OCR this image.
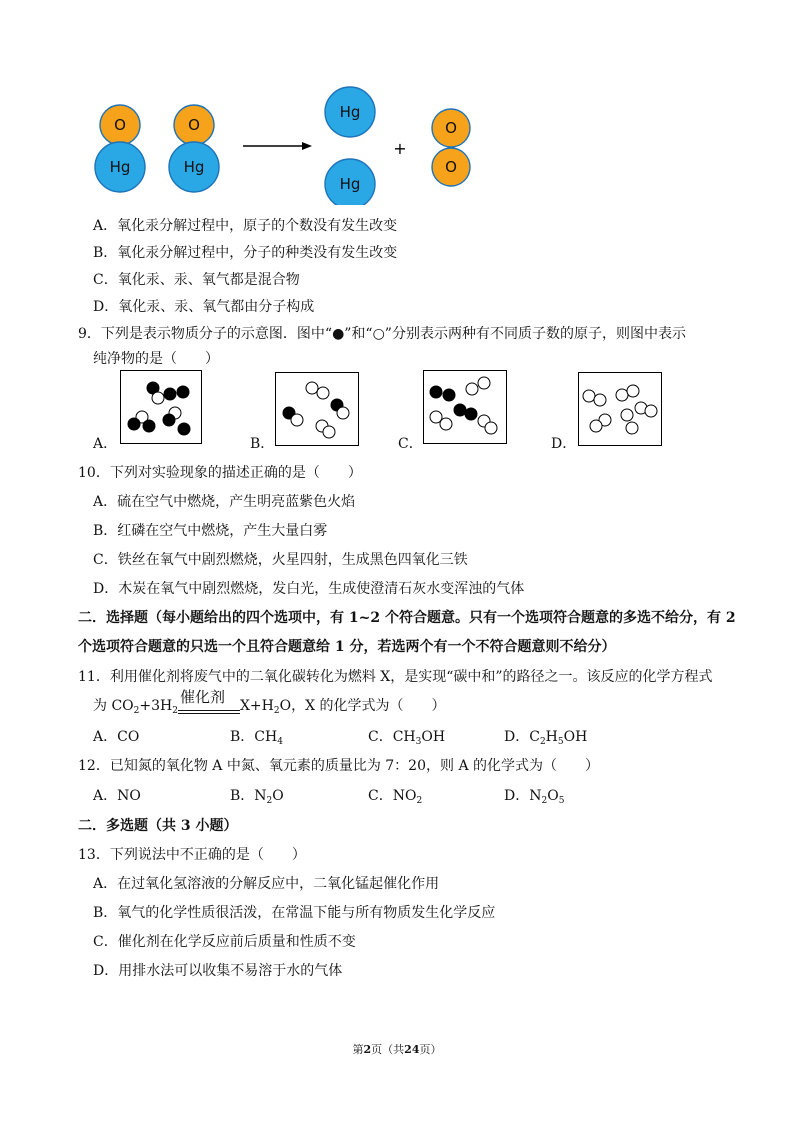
O
Hg
O
Hg
Hg
Hg
+
O
O
A．氧化汞分解过程中，原子的个数没有发生改变
B．氧化汞分解过程中，分子的种类没有发生改变
C．氧化汞、汞、氧气都是混合物
D．氧化汞、汞、氧气都由分子构成
9．下列是表示物质分子的示意图．图中“●”和“○”分别表示两种有不同质子数的原子，则图中表示
纯净物的是（　　）
A．	B．	C．	D．
10．下列对实验现象的描述正确的是（　　）
A．硫在空气中燃烧，产生明亮蓝紫色火焰
B．红磷在空气中燃烧，产生大量白雾
C．铁丝在氧气中剧烈燃烧，火星四射，生成黑色四氧化三铁
D．木炭在氧气中剧烈燃烧，发白光，生成使澄清石灰水变浑浊的气体
二．选择题（每小题给出的四个选项中，有 1~2 个符合题意。只有一个选项符合题意的多选不给分，有 2
个选项符合题意的只选一个且符合题意给 1 分，若选两个有一个不符合题意则不给分）
11．利用催化剂将废气中的二氧化碳转化为燃料 X，是实现“碳中和”的路径之一。该反应的化学方程式
为 $CO_2+3H_2$
催化剂 $X+H_2O$，X 的化学式为（　　）
A．CO	B．$CH_4$	C．$CH_3OH$	D．$C_2H_5OH$
12．已知氮的氧化物 A 中氮、氧元素的质量比为 7：20，则 A 的化学式为（　　）
A．NO	B．$N_2O$	C．$NO_2$	D．$N_2O_5$
二．多选题（共 3 小题）
13．下列说法中不正确的是（　　）
A．在过氧化氢溶液的分解反应中，二氧化锰起催化作用
B．氧气的化学性质很活泼，在常温下能与所有物质发生化学反应
C．催化剂在化学反应前后质量和性质不变
D．用排水法可以收集不易溶于水的气体
第2页（共24页）
